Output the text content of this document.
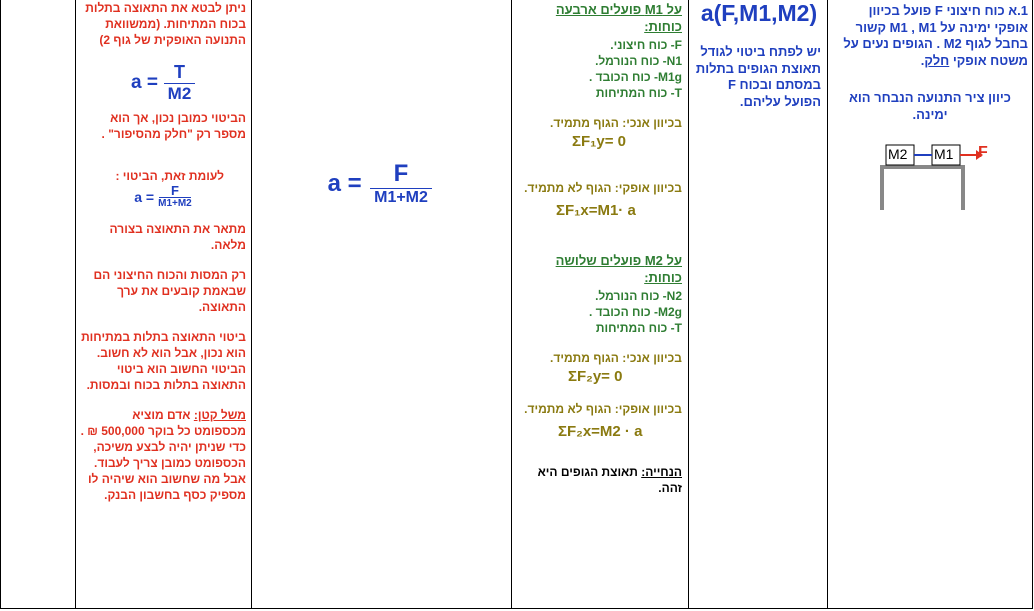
1.א כוח חיצוני F פועל בכיוון אופקי ימינה על M1 , M1 קשור בחבל לגוף M2 . הגופים נעים על משטח אופקי חלק.
כיוון ציר התנועה הנבחר הוא ימינה.
M2 M1 F
a(F,M1,M2)
יש לפתח ביטוי לגודל תאוצת הגופים בתלות במסתם ובכוח F הפועל עליהם.
על M1 פועלים ארבעה כוחות:
F- כוח חיצוני.
N1- כוח הנורמל.
M1g- כוח הכובד .
T- כוח המתיחות
בכיוון אנכי: הגוף מתמיד.
ΣF₁y= 0
בכיוון אופקי: הגוף לא מתמיד.
ΣF₁x=M1· a
על M2 פועלים שלושה כוחות:
N2- כוח הנורמל.
M2g- כוח הכובד .
T- כוח המתיחות
בכיוון אנכי: הגוף מתמיד.
ΣF₂y= 0
בכיוון אופקי: הגוף לא מתמיד.
ΣF₂x=M2 · a
הנחייה: תאוצת הגופים היא זהה.
$a = \frac{F}{M1+M2}$
ניתן לבטא את התאוצה בתלות בכוח המתיחות. (ממשוואת התנועה האופקית של גוף 2)
$a = \frac{T}{M2}$
הביטוי כמובן נכון, אך הוא מספר רק "חלק מהסיפור" .
לעומת זאת, הביטוי :
$a = \frac{F}{M1+M2}$
מתאר את התאוצה בצורה מלאה.
רק המסות והכוח החיצוני הם שבאמת קובעים את ערך התאוצה.
ביטוי התאוצה בתלות במתיחות הוא נכון, אבל הוא לא חשוב. הביטוי החשוב הוא ביטוי התאוצה בתלות בכוח ובמסות.
משל קטן: אדם מוציא מכספומט כל בוקר 500,000 ₪ . כדי שניתן יהיה לבצע משיכה, הכספומט כמובן צריך לעבוד. אבל מה שחשוב הוא שיהיה לו מספיק כסף בחשבון הבנק.
